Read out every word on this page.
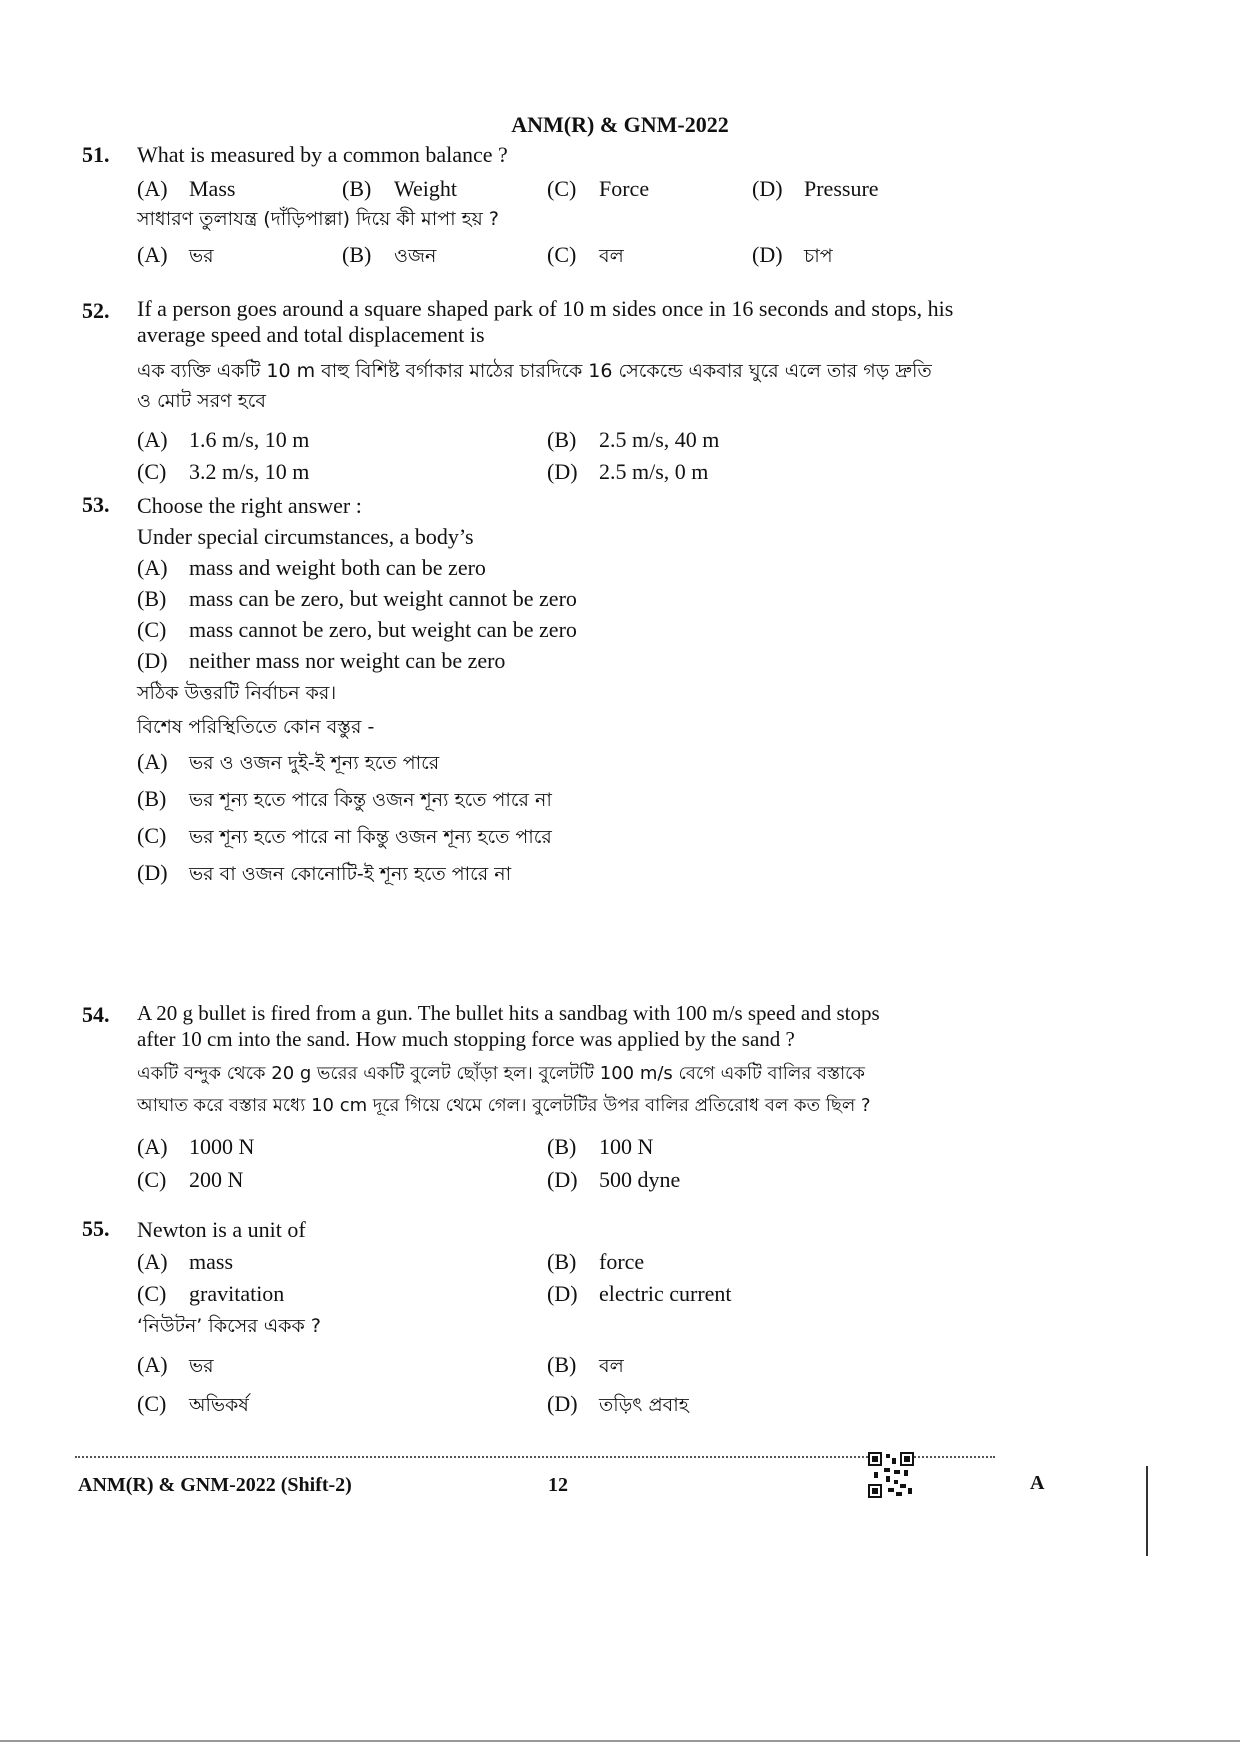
ANM(R) & GNM-2022
51.	What is measured by a common balance ?
(A) Mass	(B) Weight	(C) Force	(D) Pressure
সাধারণ তুলাযন্ত্র (দাঁড়িপাল্লা) দিয়ে কী মাপা হয় ?
(A) ভর	(B) ওজন	(C) বল	(D) চাপ
52.	If a person goes around a square shaped park of 10 m sides once in 16 seconds and stops, his
average speed and total displacement is
এক ব্যক্তি একটি 10 m বাহু বিশিষ্ট বর্গাকার মাঠের চারদিকে 16 সেকেন্ডে একবার ঘুরে এলে তার গড় দ্রুতি
ও মোট সরণ হবে
(A) 1.6 m/s, 10 m	(B) 2.5 m/s, 40 m
(C) 3.2 m/s, 10 m	(D) 2.5 m/s, 0 m
53.	Choose the right answer :
Under special circumstances, a body’s
(A) mass and weight both can be zero
(B) mass can be zero, but weight cannot be zero
(C) mass cannot be zero, but weight can be zero
(D) neither mass nor weight can be zero
সঠিক উত্তরটি নির্বাচন কর।
বিশেষ পরিস্থিতিতে কোন বস্তুর -
(A) ভর ও ওজন দুই-ই শূন্য হতে পারে
(B) ভর শূন্য হতে পারে কিন্তু ওজন শূন্য হতে পারে না
(C) ভর শূন্য হতে পারে না কিন্তু ওজন শূন্য হতে পারে
(D) ভর বা ওজন কোনোটি-ই শূন্য হতে পারে না
54.	A 20 g bullet is fired from a gun. The bullet hits a sandbag with 100 m/s speed and stops
after 10 cm into the sand. How much stopping force was applied by the sand ?
একটি বন্দুক থেকে 20 g ভরের একটি বুলেট ছোঁড়া হল। বুলেটটি 100 m/s বেগে একটি বালির বস্তাকে
আঘাত করে বস্তার মধ্যে 10 cm দূরে গিয়ে থেমে গেল। বুলেটটির উপর বালির প্রতিরোধ বল কত ছিল ?
(A) 1000 N	(B) 100 N
(C) 200 N	(D) 500 dyne
55.	Newton is a unit of
(A) mass	(B) force
(C) gravitation	(D) electric current
‘নিউটন’ কিসের একক ?
(A) ভর	(B) বল
(C) অভিকর্ষ	(D) তড়িৎ প্রবাহ
ANM(R) & GNM-2022 (Shift-2)	12	A
